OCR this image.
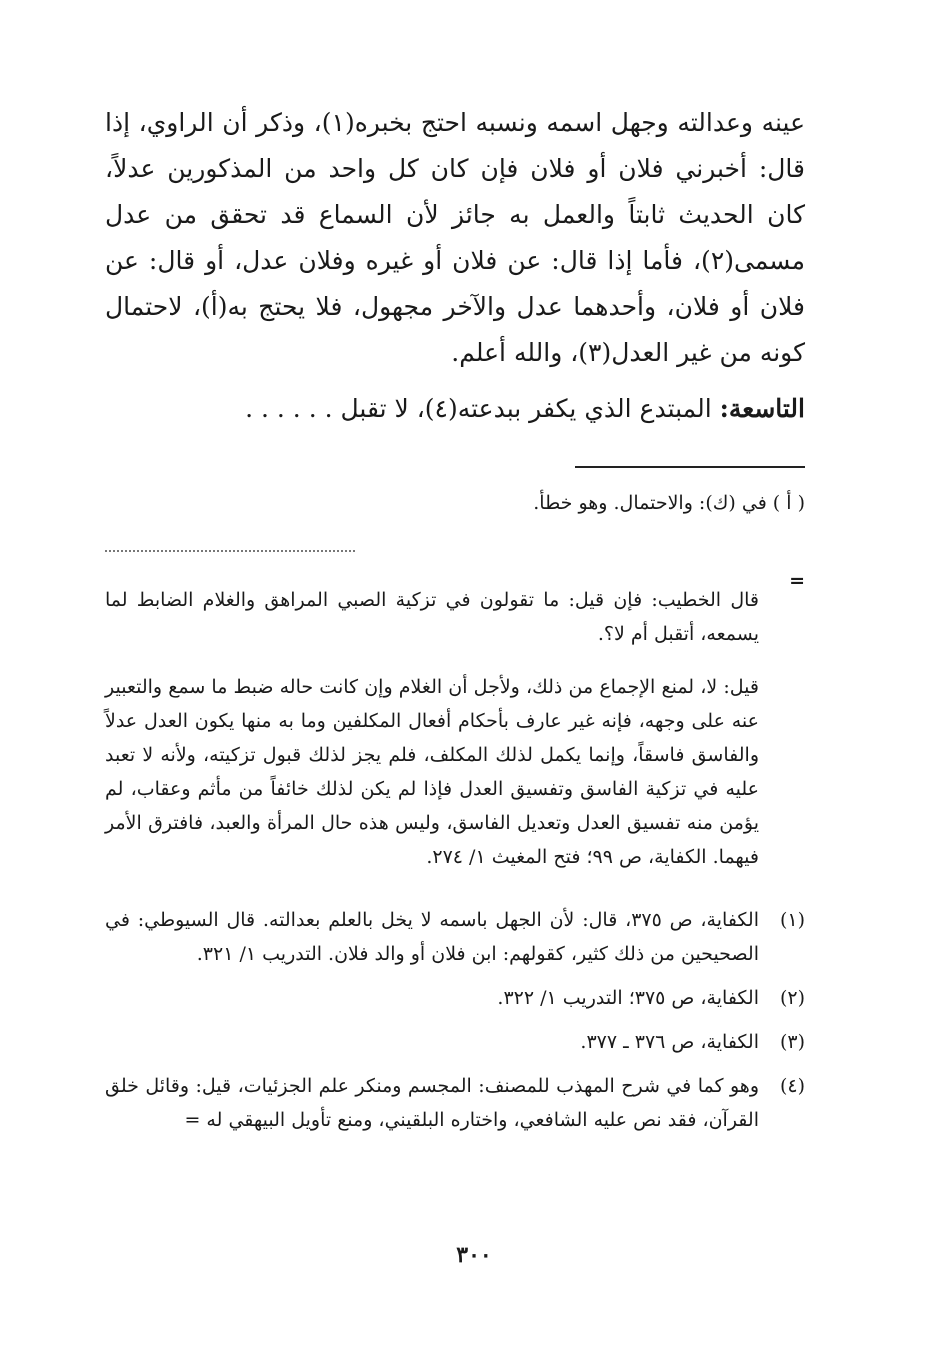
عينه وعدالته وجهل اسمه ونسبه احتج بخبره(١)، وذكر أن الراوي، إذا قال: أخبرني فلان أو فلان فإن كان كل واحد من المذكورين عدلاً، كان الحديث ثابتاً والعمل به جائز لأن السماع قد تحقق من عدل مسمى(٢)، فأما إذا قال: عن فلان أو غيره وفلان عدل، أو قال: عن فلان أو فلان، وأحدهما عدل والآخر مجهول، فلا يحتج به(أ)، لاحتمال كونه من غير العدل(٣)، والله أعلم.

التاسعة: المبتدع الذي يكفر ببدعته(٤)، لا تقبل . . . . . .

( أ ) في (ك): والاحتمال. وهو خطأ.

=

قال الخطيب: فإن قيل: ما تقولون في تزكية الصبي المراهق والغلام الضابط لما يسمعه، أتقبل أم لا؟.

قيل: لا، لمنع الإجماع من ذلك، ولأجل أن الغلام وإن كانت حاله ضبط ما سمع والتعبير عنه على وجهه، فإنه غير عارف بأحكام أفعال المكلفين وما به منها يكون العدل عدلاً والفاسق فاسقاً، وإنما يكمل لذلك المكلف، فلم يجز لذلك قبول تزكيته، ولأنه لا تعبد عليه في تزكية الفاسق وتفسيق العدل فإذا لم يكن لذلك خائفاً من مأثم وعقاب، لم يؤمن منه تفسيق العدل وتعديل الفاسق، وليس هذه حال المرأة والعبد، فافترق الأمر فيهما. الكفاية، ص ٩٩؛ فتح المغيث ١/ ٢٧٤.

(١)
الكفاية، ص ٣٧٥، قال: لأن الجهل باسمه لا يخل بالعلم بعدالته. قال السيوطي: في الصحيحين من ذلك كثير، كقولهم: ابن فلان أو والد فلان. التدريب ١/ ٣٢١.
(٢)
الكفاية، ص ٣٧٥؛ التدريب ١/ ٣٢٢.
(٣)
الكفاية، ص ٣٧٦ ـ ٣٧٧.
(٤)
وهو كما في شرح المهذب للمصنف: المجسم ومنكر علم الجزئيات، قيل: وقائل خلق القرآن، فقد نص عليه الشافعي، واختاره البلقيني، ومنع تأويل البيهقي له =
٣٠٠
